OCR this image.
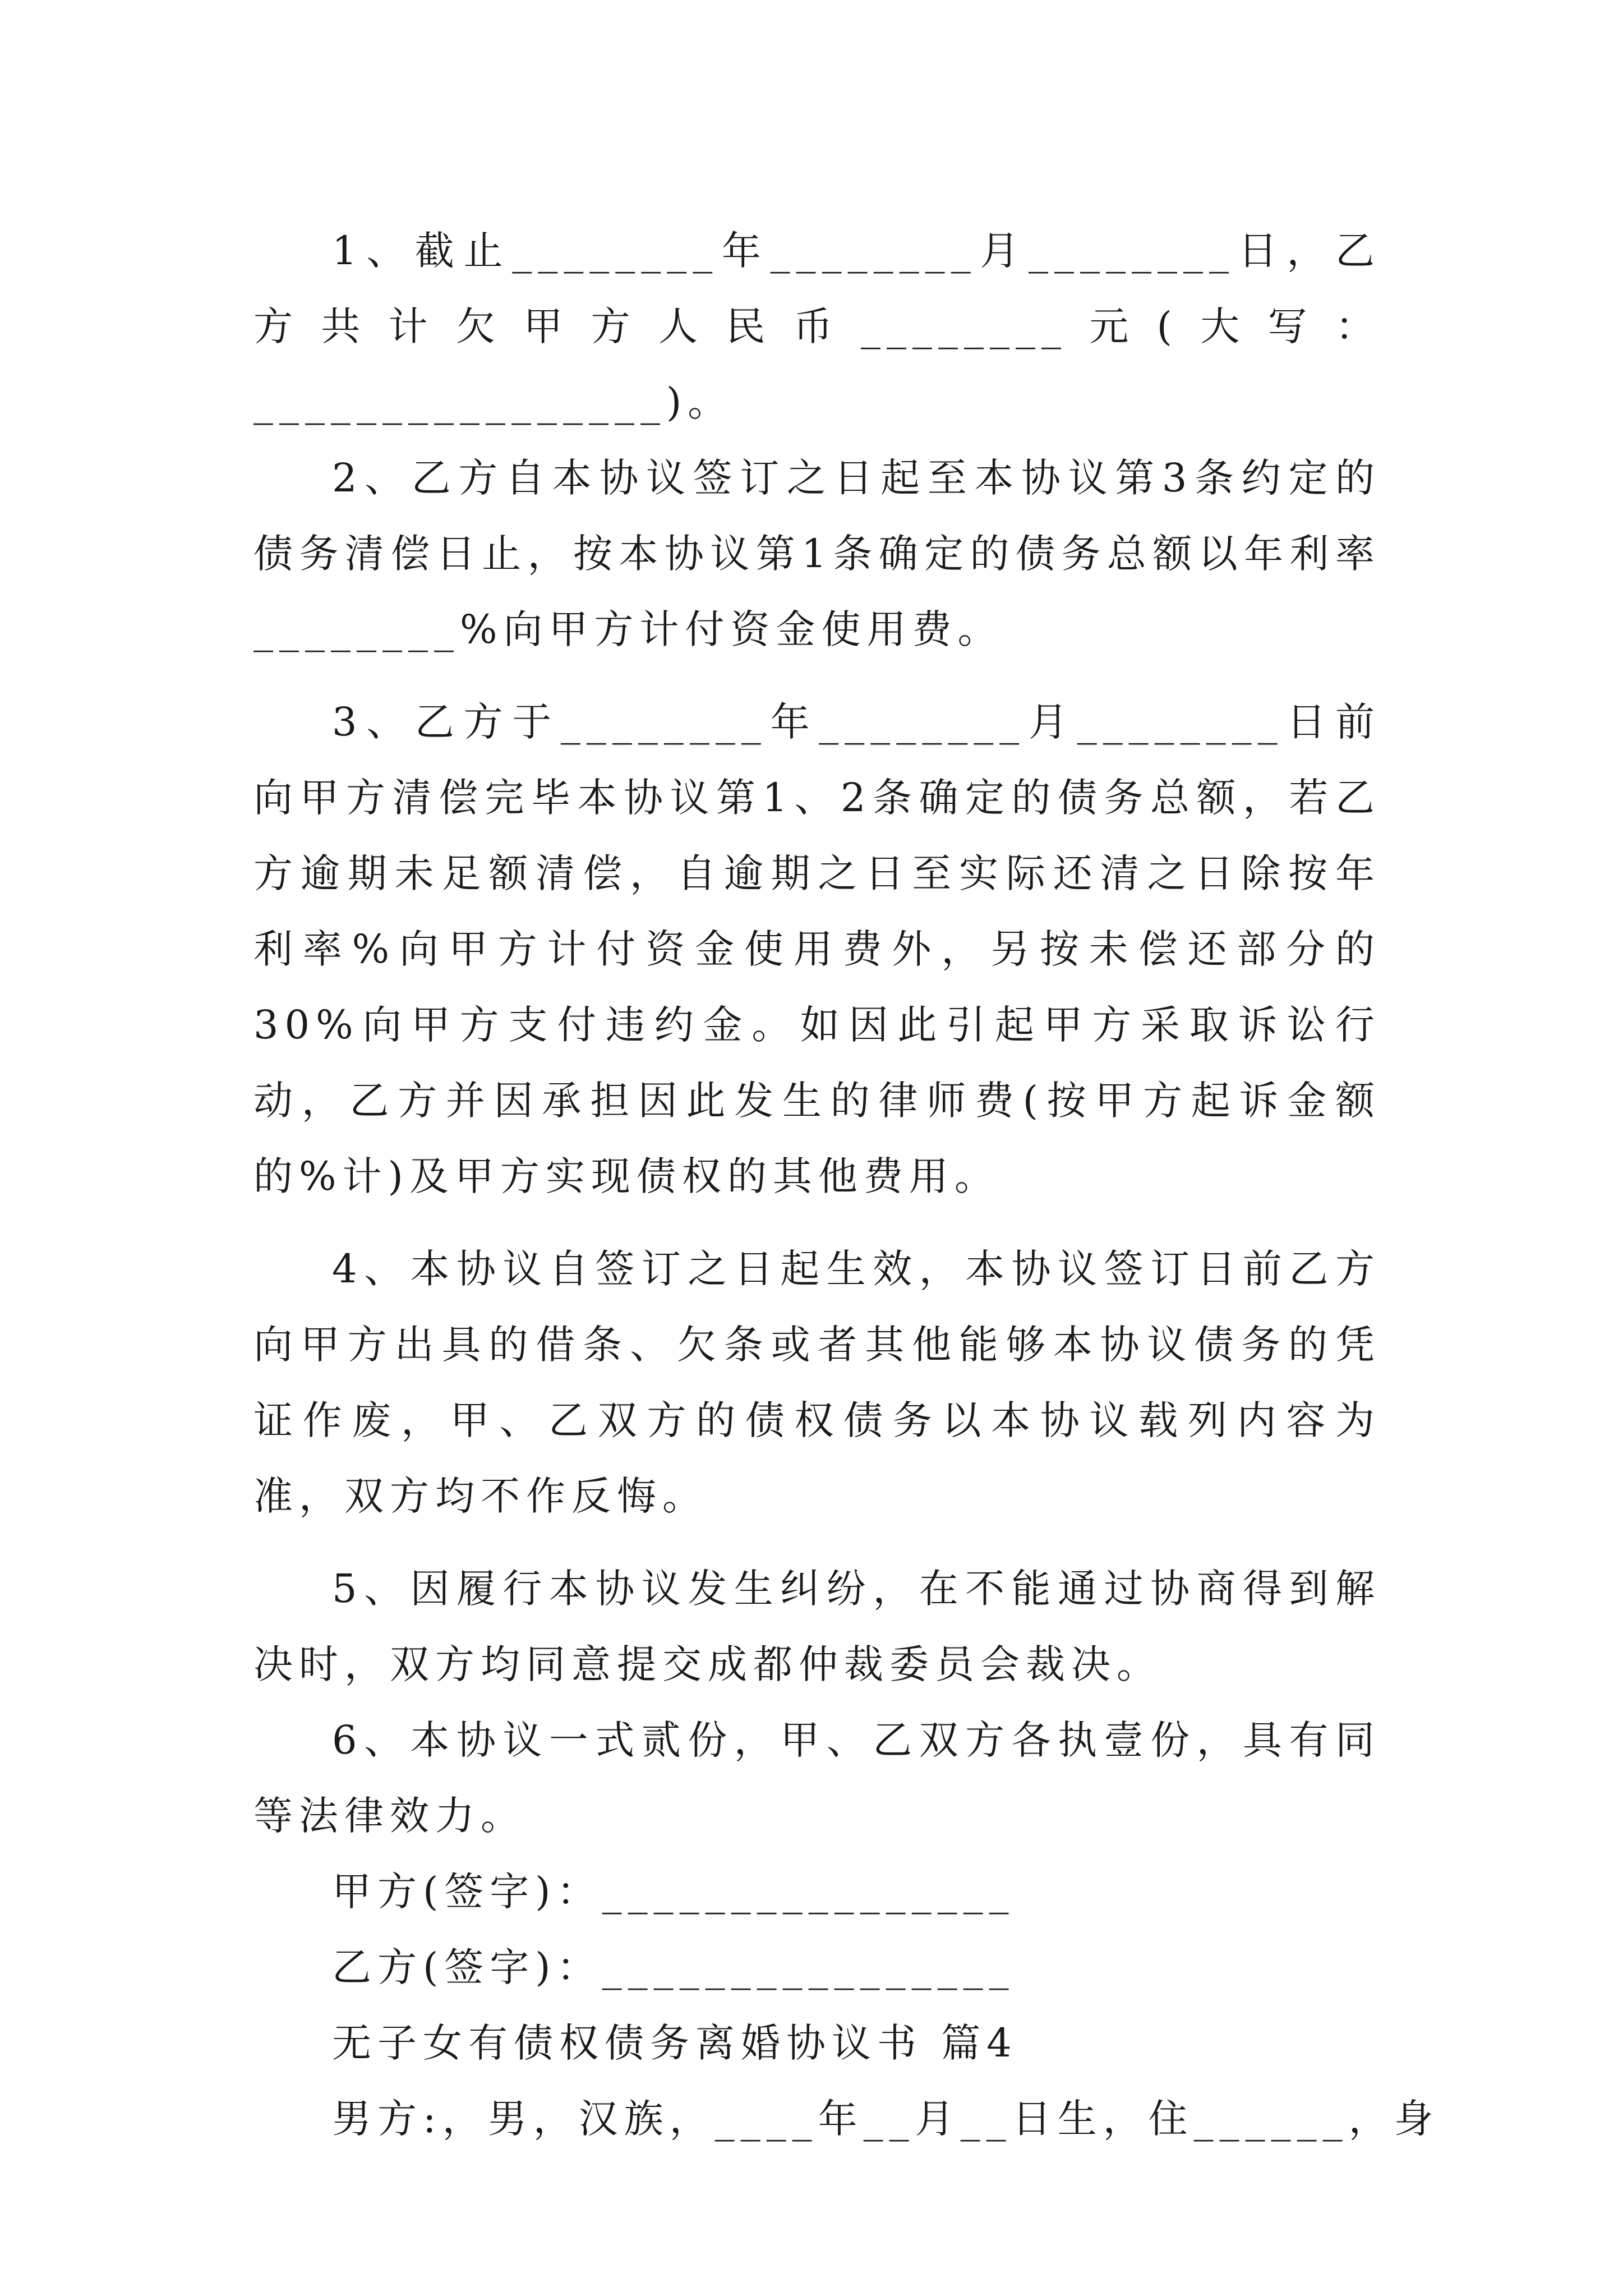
1、截止________年________月________日，乙方共计欠甲方人民币________元(大写：________________)。

2、乙方自本协议签订之日起至本协议第3条约定的债务清偿日止，按本协议第1条确定的债务总额以年利率________%向甲方计付资金使用费。

3、乙方于________年________月________日前向甲方清偿完毕本协议第1、2条确定的债务总额，若乙方逾期未足额清偿，自逾期之日至实际还清之日除按年利率%向甲方计付资金使用费外，另按未偿还部分的30%向甲方支付违约金。如因此引起甲方采取诉讼行动，乙方并因承担因此发生的律师费(按甲方起诉金额的%计)及甲方实现债权的其他费用。

4、本协议自签订之日起生效，本协议签订日前乙方向甲方出具的借条、欠条或者其他能够本协议债务的凭证作废，甲、乙双方的债权债务以本协议载列内容为准，双方均不作反悔。

5、因履行本协议发生纠纷，在不能通过协商得到解决时，双方均同意提交成都仲裁委员会裁决。

6、本协议一式贰份，甲、乙双方各执壹份，具有同等法律效力。

甲方(签字)：________________

乙方(签字)：________________

无子女有债权债务离婚协议书 篇4

男方:，男，汉族，____年__月__日生，住______，身
